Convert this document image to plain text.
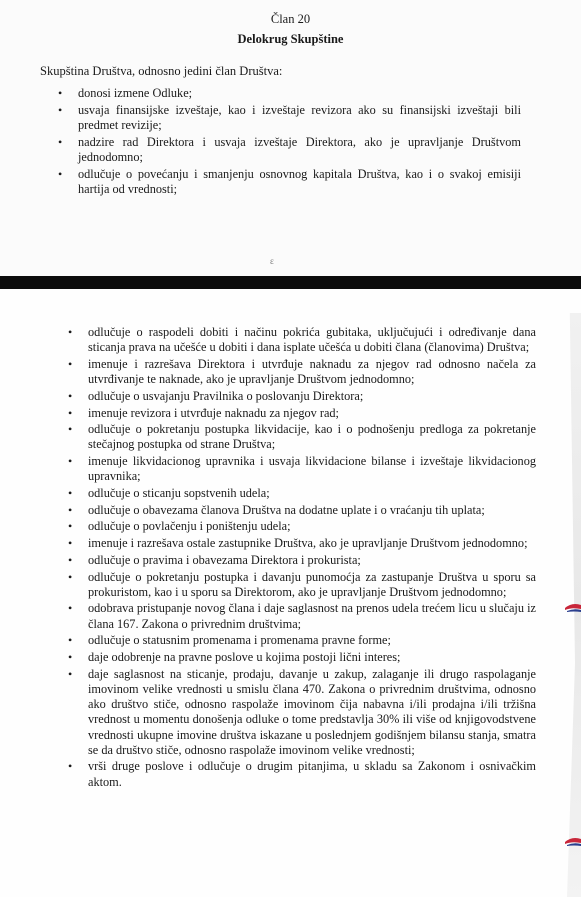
Član 20
Delokrug Skupštine
Skupština Društva, odnosno jedini član Društva:
• donosi izmene Odluke;
• usvaja finansijske izveštaje, kao i izveštaje revizora ako su finansijski izveštaji bili predmet revizije;
• nadzire rad Direktora i usvaja izveštaje Direktora, ako je upravljanje Društvom jednodomno;
• odlučuje o povećanju i smanjenju osnovnog kapitala Društva, kao i o svakoj emisiji hartija od vrednosti;
ε
• odlučuje o raspodeli dobiti i načinu pokrića gubitaka, uključujući i određivanje dana sticanja prava na učešće u dobiti i dana isplate učešća u dobiti člana (članovima) Društva;
• imenuje i razrešava Direktora i utvrđuje naknadu za njegov rad odnosno načela za utvrđivanje te naknade, ako je upravljanje Društvom jednodomno;
• odlučuje o usvajanju Pravilnika o poslovanju Direktora;
• imenuje revizora i utvrđuje naknadu za njegov rad;
• odlučuje o pokretanju postupka likvidacije, kao i o podnošenju predloga za pokretanje stečajnog postupka od strane Društva;
• imenuje likvidacionog upravnika i usvaja likvidacione bilanse i izveštaje likvidacionog upravnika;
• odlučuje o sticanju sopstvenih udela;
• odlučuje o obavezama članova Društva na dodatne uplate i o vraćanju tih uplata;
• odlučuje o povlačenju i poništenju udela;
• imenuje i razrešava ostale zastupnike Društva, ako je upravljanje Društvom jednodomno;
• odlučuje o pravima i obavezama Direktora i prokurista;
• odlučuje o pokretanju postupka i davanju punomoćja za zastupanje Društva u sporu sa prokuristom, kao i u sporu sa Direktorom, ako je upravljanje Društvom jednodomno;
• odobrava pristupanje novog člana i daje saglasnost na prenos udela trećem licu u slučaju iz člana 167. Zakona o privrednim društvima;
• odlučuje o statusnim promenama i promenama pravne forme;
• daje odobrenje na pravne poslove u kojima postoji lični interes;
• daje saglasnost na sticanje, prodaju, davanje u zakup, zalaganje ili drugo raspolaganje imovinom velike vrednosti u smislu člana 470. Zakona o privrednim društvima, odnosno ako društvo stiče, odnosno raspolaže imovinom čija nabavna i/ili prodajna i/ili tržišna vrednost u momentu donošenja odluke o tome predstavlja 30% ili više od knjigovodstvene vrednosti ukupne imovine društva iskazane u poslednjem godišnjem bilansu stanja, smatra se da društvo stiče, odnosno raspolaže imovinom velike vrednosti;
• vrši druge poslove i odlučuje o drugim pitanjima, u skladu sa Zakonom i osnivačkim aktom.
